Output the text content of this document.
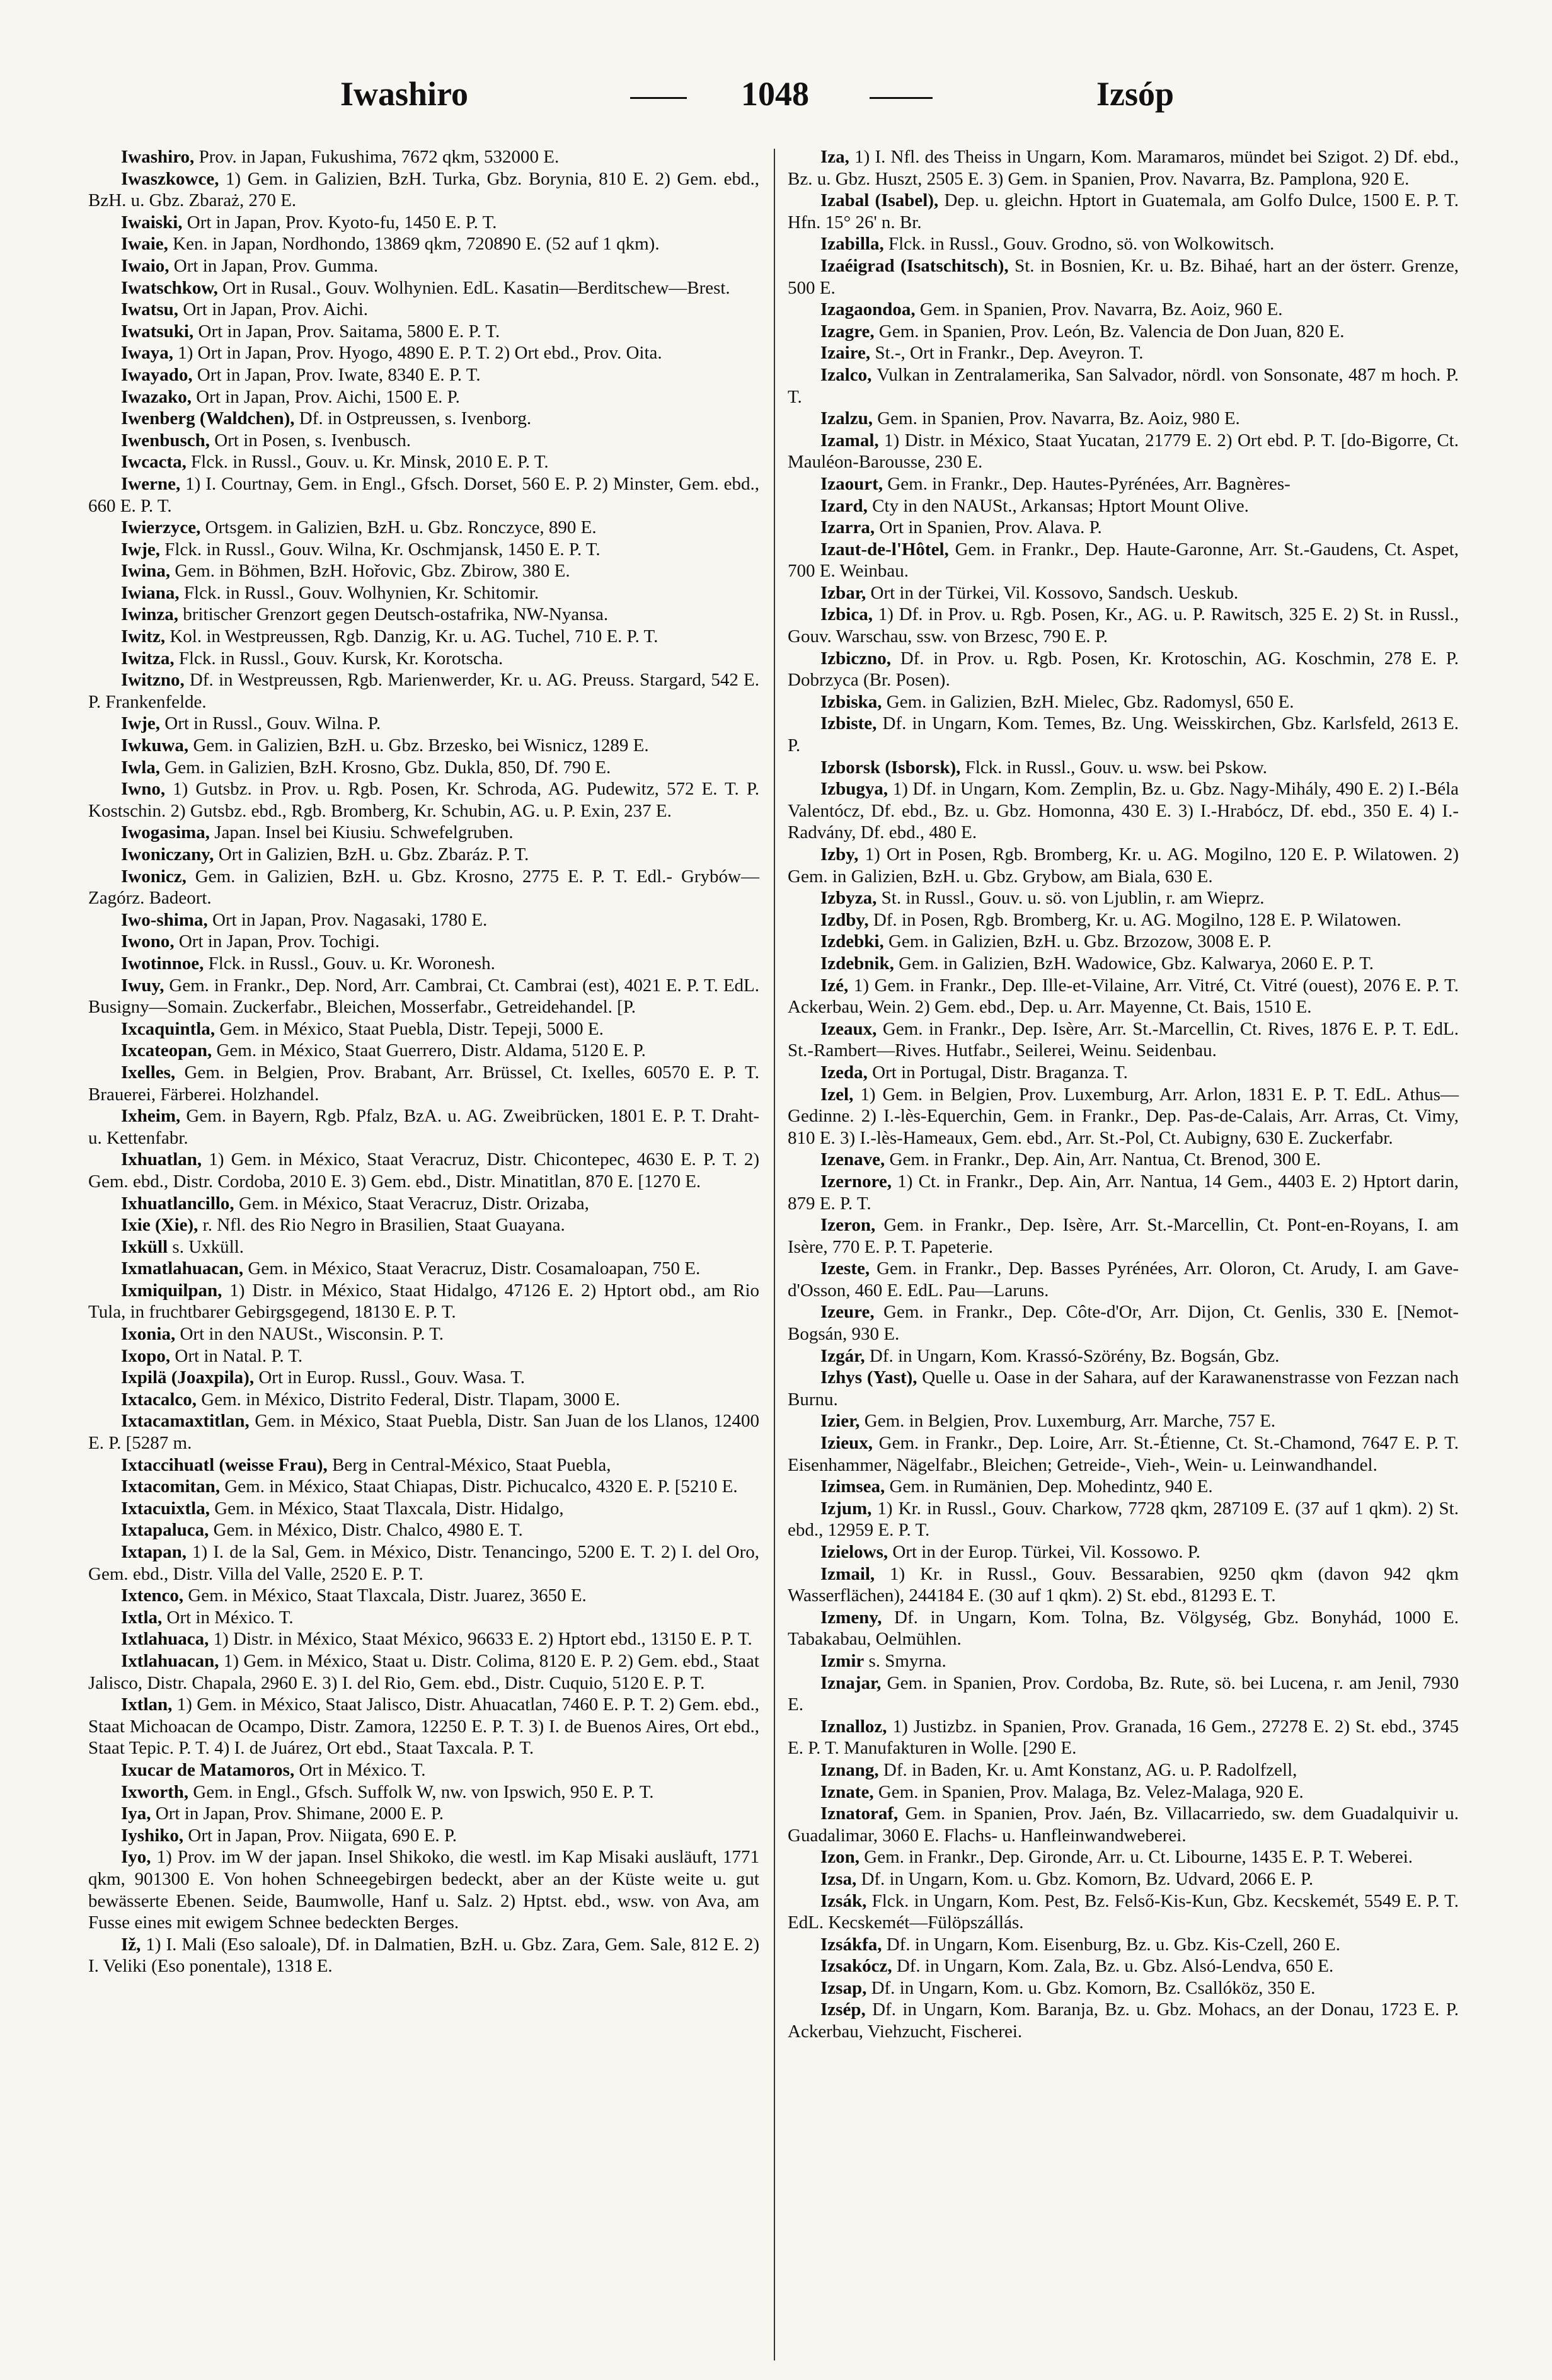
Iwashiro	1048	Izsóp

Iwashiro, Prov. in Japan, Fukushima, 7672 qkm, 532000 E.

Iwaszkowce, 1) Gem. in Galizien, BzH. Turka, Gbz. Borynia, 810 E. 2) Gem. ebd., BzH. u. Gbz. Zbaraż, 270 E.

Iwaiski, Ort in Japan, Prov. Kyoto-fu, 1450 E. P. T.

Iwaie, Ken. in Japan, Nordhondo, 13869 qkm, 720890 E. (52 auf 1 qkm).

Iwaio, Ort in Japan, Prov. Gumma.

Iwatschkow, Ort in Rusal., Gouv. Wolhynien. EdL. Kasatin—Berditschew—Brest.

Iwatsu, Ort in Japan, Prov. Aichi.

Iwatsuki, Ort in Japan, Prov. Saitama, 5800 E. P. T.

Iwaya, 1) Ort in Japan, Prov. Hyogo, 4890 E. P. T. 2) Ort ebd., Prov. Oita.

Iwayado, Ort in Japan, Prov. Iwate, 8340 E. P. T.

Iwazako, Ort in Japan, Prov. Aichi, 1500 E. P.

Iwenberg (Waldchen), Df. in Ostpreussen, s. Ivenborg.

Iwenbusch, Ort in Posen, s. Ivenbusch.

Iwcacta, Flck. in Russl., Gouv. u. Kr. Minsk, 2010 E. P. T.

Iwerne, 1) I. Courtnay, Gem. in Engl., Gfsch. Dorset, 560 E. P. 2) Minster, Gem. ebd., 660 E. P. T.

Iwierzyce, Ortsgem. in Galizien, BzH. u. Gbz. Ronczyce, 890 E.

Iwje, Flck. in Russl., Gouv. Wilna, Kr. Oschmjansk, 1450 E. P. T.

Iwina, Gem. in Böhmen, BzH. Hořovic, Gbz. Zbirow, 380 E.

Iwiana, Flck. in Russl., Gouv. Wolhynien, Kr. Schitomir.

Iwinza, britischer Grenzort gegen Deutsch-ostafrika, NW-Nyansa.

Iwitz, Kol. in Westpreussen, Rgb. Danzig, Kr. u. AG. Tuchel, 710 E. P. T.

Iwitza, Flck. in Russl., Gouv. Kursk, Kr. Korotscha.

Iwitzno, Df. in Westpreussen, Rgb. Marienwerder, Kr. u. AG. Preuss. Stargard, 542 E. P. Frankenfelde.

Iwje, Ort in Russl., Gouv. Wilna. P.

Iwkuwa, Gem. in Galizien, BzH. u. Gbz. Brzesko, bei Wisnicz, 1289 E.

Iwla, Gem. in Galizien, BzH. Krosno, Gbz. Dukla, 850, Df. 790 E.

Iwno, 1) Gutsbz. in Prov. u. Rgb. Posen, Kr. Schroda, AG. Pudewitz, 572 E. T. P. Kostschin. 2) Gutsbz. ebd., Rgb. Bromberg, Kr. Schubin, AG. u. P. Exin, 237 E.

Iwogasima, Japan. Insel bei Kiusiu. Schwefelgruben.

Iwoniczany, Ort in Galizien, BzH. u. Gbz. Zbaráz. P. T.

Iwonicz, Gem. in Galizien, BzH. u. Gbz. Krosno, 2775 E. P. T. Edl.- Grybów—Zagórz. Badeort.

Iwo-shima, Ort in Japan, Prov. Nagasaki, 1780 E.

Iwono, Ort in Japan, Prov. Tochigi.

Iwotinnoe, Flck. in Russl., Gouv. u. Kr. Woronesh.

Iwuy, Gem. in Frankr., Dep. Nord, Arr. Cambrai, Ct. Cambrai (est), 4021 E. P. T. EdL. Busigny—Somain. Zuckerfabr., Bleichen, Mosserfabr., Getreidehandel. [P.

Ixcaquintla, Gem. in México, Staat Puebla, Distr. Tepeji, 5000 E.

Ixcateopan, Gem. in México, Staat Guerrero, Distr. Aldama, 5120 E. P.

Ixelles, Gem. in Belgien, Prov. Brabant, Arr. Brüssel, Ct. Ixelles, 60570 E. P. T. Brauerei, Färberei. Holzhandel.

Ixheim, Gem. in Bayern, Rgb. Pfalz, BzA. u. AG. Zweibrücken, 1801 E. P. T. Draht- u. Kettenfabr.

Ixhuatlan, 1) Gem. in México, Staat Veracruz, Distr. Chicontepec, 4630 E. P. T. 2) Gem. ebd., Distr. Cordoba, 2010 E. 3) Gem. ebd., Distr. Minatitlan, 870 E. [1270 E.

Ixhuatlancillo, Gem. in México, Staat Veracruz, Distr. Orizaba,

Ixie (Xie), r. Nfl. des Rio Negro in Brasilien, Staat Guayana.

Ixküll s. Uxküll.

Ixmatlahuacan, Gem. in México, Staat Veracruz, Distr. Cosamaloapan, 750 E.

Ixmiquilpan, 1) Distr. in México, Staat Hidalgo, 47126 E. 2) Hptort obd., am Rio Tula, in fruchtbarer Gebirgsgegend, 18130 E. P. T.

Ixonia, Ort in den NAUSt., Wisconsin. P. T.

Ixopo, Ort in Natal. P. T.

Ixpilä (Joaxpila), Ort in Europ. Russl., Gouv. Wasa. T.

Ixtacalco, Gem. in México, Distrito Federal, Distr. Tlapam, 3000 E.

Ixtacamaxtitlan, Gem. in México, Staat Puebla, Distr. San Juan de los Llanos, 12400 E. P. [5287 m.

Ixtaccihuatl (weisse Frau), Berg in Central-México, Staat Puebla,

Ixtacomitan, Gem. in México, Staat Chiapas, Distr. Pichucalco, 4320 E. P. [5210 E.

Ixtacuixtla, Gem. in México, Staat Tlaxcala, Distr. Hidalgo,

Ixtapaluca, Gem. in México, Distr. Chalco, 4980 E. T.

Ixtapan, 1) I. de la Sal, Gem. in México, Distr. Tenancingo, 5200 E. T. 2) I. del Oro, Gem. ebd., Distr. Villa del Valle, 2520 E. P. T.

Ixtenco, Gem. in México, Staat Tlaxcala, Distr. Juarez, 3650 E.

Ixtla, Ort in México. T.

Ixtlahuaca, 1) Distr. in México, Staat México, 96633 E. 2) Hptort ebd., 13150 E. P. T.

Ixtlahuacan, 1) Gem. in México, Staat u. Distr. Colima, 8120 E. P. 2) Gem. ebd., Staat Jalisco, Distr. Chapala, 2960 E. 3) I. del Rio, Gem. ebd., Distr. Cuquio, 5120 E. P. T.

Ixtlan, 1) Gem. in México, Staat Jalisco, Distr. Ahuacatlan, 7460 E. P. T. 2) Gem. ebd., Staat Michoacan de Ocampo, Distr. Zamora, 12250 E. P. T. 3) I. de Buenos Aires, Ort ebd., Staat Tepic. P. T. 4) I. de Juárez, Ort ebd., Staat Taxcala. P. T.

Ixucar de Matamoros, Ort in México. T.

Ixworth, Gem. in Engl., Gfsch. Suffolk W, nw. von Ipswich, 950 E. P. T.

Iya, Ort in Japan, Prov. Shimane, 2000 E. P.

Iyshiko, Ort in Japan, Prov. Niigata, 690 E. P.

Iyo, 1) Prov. im W der japan. Insel Shikoko, die westl. im Kap Misaki ausläuft, 1771 qkm, 901300 E. Von hohen Schneegebirgen bedeckt, aber an der Küste weite u. gut bewässerte Ebenen. Seide, Baumwolle, Hanf u. Salz. 2) Hptst. ebd., wsw. von Ava, am Fusse eines mit ewigem Schnee bedeckten Berges.

Iž, 1) I. Mali (Eso saloale), Df. in Dalmatien, BzH. u. Gbz. Zara, Gem. Sale, 812 E. 2) I. Veliki (Eso ponentale), 1318 E.

Iza, 1) I. Nfl. des Theiss in Ungarn, Kom. Maramaros, mündet bei Szigot. 2) Df. ebd., Bz. u. Gbz. Huszt, 2505 E. 3) Gem. in Spanien, Prov. Navarra, Bz. Pamplona, 920 E.

Izabal (Isabel), Dep. u. gleichn. Hptort in Guatemala, am Golfo Dulce, 1500 E. P. T. Hfn. 15° 26' n. Br.

Izabilla, Flck. in Russl., Gouv. Grodno, sö. von Wolkowitsch.

Izaéigrad (Isatschitsch), St. in Bosnien, Kr. u. Bz. Bihaé, hart an der österr. Grenze, 500 E.

Izagaondoa, Gem. in Spanien, Prov. Navarra, Bz. Aoiz, 960 E.

Izagre, Gem. in Spanien, Prov. León, Bz. Valencia de Don Juan, 820 E.

Izaire, St.-, Ort in Frankr., Dep. Aveyron. T.

Izalco, Vulkan in Zentralamerika, San Salvador, nördl. von Sonsonate, 487 m hoch. P. T.

Izalzu, Gem. in Spanien, Prov. Navarra, Bz. Aoiz, 980 E.

Izamal, 1) Distr. in México, Staat Yucatan, 21779 E. 2) Ort ebd. P. T. [do-Bigorre, Ct. Mauléon-Barousse, 230 E.

Izaourt, Gem. in Frankr., Dep. Hautes-Pyrénées, Arr. Bagnères-

Izard, Cty in den NAUSt., Arkansas; Hptort Mount Olive.

Izarra, Ort in Spanien, Prov. Alava. P.

Izaut-de-l'Hôtel, Gem. in Frankr., Dep. Haute-Garonne, Arr. St.-Gaudens, Ct. Aspet, 700 E. Weinbau.

Izbar, Ort in der Türkei, Vil. Kossovo, Sandsch. Ueskub.

Izbica, 1) Df. in Prov. u. Rgb. Posen, Kr., AG. u. P. Rawitsch, 325 E. 2) St. in Russl., Gouv. Warschau, ssw. von Brzesc, 790 E. P.

Izbiczno, Df. in Prov. u. Rgb. Posen, Kr. Krotoschin, AG. Koschmin, 278 E. P. Dobrzyca (Br. Posen).

Izbiska, Gem. in Galizien, BzH. Mielec, Gbz. Radomysl, 650 E.

Izbiste, Df. in Ungarn, Kom. Temes, Bz. Ung. Weisskirchen, Gbz. Karlsfeld, 2613 E. P.

Izborsk (Isborsk), Flck. in Russl., Gouv. u. wsw. bei Pskow.

Izbugya, 1) Df. in Ungarn, Kom. Zemplin, Bz. u. Gbz. Nagy-Mihály, 490 E. 2) I.-Béla Valentócz, Df. ebd., Bz. u. Gbz. Homonna, 430 E. 3) I.-Hrabócz, Df. ebd., 350 E. 4) I.-Radvány, Df. ebd., 480 E.

Izby, 1) Ort in Posen, Rgb. Bromberg, Kr. u. AG. Mogilno, 120 E. P. Wilatowen. 2) Gem. in Galizien, BzH. u. Gbz. Grybow, am Biala, 630 E.

Izbyza, St. in Russl., Gouv. u. sö. von Ljublin, r. am Wieprz.

Izdby, Df. in Posen, Rgb. Bromberg, Kr. u. AG. Mogilno, 128 E. P. Wilatowen.

Izdebki, Gem. in Galizien, BzH. u. Gbz. Brzozow, 3008 E. P.

Izdebnik, Gem. in Galizien, BzH. Wadowice, Gbz. Kalwarya, 2060 E. P. T.

Izé, 1) Gem. in Frankr., Dep. Ille-et-Vilaine, Arr. Vitré, Ct. Vitré (ouest), 2076 E. P. T. Ackerbau, Wein. 2) Gem. ebd., Dep. u. Arr. Mayenne, Ct. Bais, 1510 E.

Izeaux, Gem. in Frankr., Dep. Isère, Arr. St.-Marcellin, Ct. Rives, 1876 E. P. T. EdL. St.-Rambert—Rives. Hutfabr., Seilerei, Weinu. Seidenbau.

Izeda, Ort in Portugal, Distr. Braganza. T.

Izel, 1) Gem. in Belgien, Prov. Luxemburg, Arr. Arlon, 1831 E. P. T. EdL. Athus—Gedinne. 2) I.-lès-Equerchin, Gem. in Frankr., Dep. Pas-de-Calais, Arr. Arras, Ct. Vimy, 810 E. 3) I.-lès-Hameaux, Gem. ebd., Arr. St.-Pol, Ct. Aubigny, 630 E. Zuckerfabr.

Izenave, Gem. in Frankr., Dep. Ain, Arr. Nantua, Ct. Brenod, 300 E.

Izernore, 1) Ct. in Frankr., Dep. Ain, Arr. Nantua, 14 Gem., 4403 E. 2) Hptort darin, 879 E. P. T.

Izeron, Gem. in Frankr., Dep. Isère, Arr. St.-Marcellin, Ct. Pont-en-Royans, I. am Isère, 770 E. P. T. Papeterie.

Izeste, Gem. in Frankr., Dep. Basses Pyrénées, Arr. Oloron, Ct. Arudy, I. am Gave-d'Osson, 460 E. EdL. Pau—Laruns.

Izeure, Gem. in Frankr., Dep. Côte-d'Or, Arr. Dijon, Ct. Genlis, 330 E. [Nemot-Bogsán, 930 E.

Izgár, Df. in Ungarn, Kom. Krassó-Szörény, Bz. Bogsán, Gbz.

Izhys (Yast), Quelle u. Oase in der Sahara, auf der Karawanenstrasse von Fezzan nach Burnu.

Izier, Gem. in Belgien, Prov. Luxemburg, Arr. Marche, 757 E.

Izieux, Gem. in Frankr., Dep. Loire, Arr. St.-Étienne, Ct. St.-Chamond, 7647 E. P. T. Eisenhammer, Nägelfabr., Bleichen; Getreide-, Vieh-, Wein- u. Leinwandhandel.

Izimsea, Gem. in Rumänien, Dep. Mohedintz, 940 E.

Izjum, 1) Kr. in Russl., Gouv. Charkow, 7728 qkm, 287109 E. (37 auf 1 qkm). 2) St. ebd., 12959 E. P. T.

Izielows, Ort in der Europ. Türkei, Vil. Kossowo. P.

Izmail, 1) Kr. in Russl., Gouv. Bessarabien, 9250 qkm (davon 942 qkm Wasserflächen), 244184 E. (30 auf 1 qkm). 2) St. ebd., 81293 E. T.

Izmeny, Df. in Ungarn, Kom. Tolna, Bz. Völgység, Gbz. Bonyhád, 1000 E. Tabakabau, Oelmühlen.

Izmir s. Smyrna.

Iznajar, Gem. in Spanien, Prov. Cordoba, Bz. Rute, sö. bei Lucena, r. am Jenil, 7930 E.

Iznalloz, 1) Justizbz. in Spanien, Prov. Granada, 16 Gem., 27278 E. 2) St. ebd., 3745 E. P. T. Manufakturen in Wolle. [290 E.

Iznang, Df. in Baden, Kr. u. Amt Konstanz, AG. u. P. Radolfzell,

Iznate, Gem. in Spanien, Prov. Malaga, Bz. Velez-Malaga, 920 E.

Iznatoraf, Gem. in Spanien, Prov. Jaén, Bz. Villacarriedo, sw. dem Guadalquivir u. Guadalimar, 3060 E. Flachs- u. Hanfleinwandweberei.

Izon, Gem. in Frankr., Dep. Gironde, Arr. u. Ct. Libourne, 1435 E. P. T. Weberei.

Izsa, Df. in Ungarn, Kom. u. Gbz. Komorn, Bz. Udvard, 2066 E. P.

Izsák, Flck. in Ungarn, Kom. Pest, Bz. Felső-Kis-Kun, Gbz. Kecskemét, 5549 E. P. T. EdL. Kecskemét—Fülöpszállás.

Izsákfa, Df. in Ungarn, Kom. Eisenburg, Bz. u. Gbz. Kis-Czell, 260 E.

Izsakócz, Df. in Ungarn, Kom. Zala, Bz. u. Gbz. Alsó-Lendva, 650 E.

Izsap, Df. in Ungarn, Kom. u. Gbz. Komorn, Bz. Csallóköz, 350 E.

Izsép, Df. in Ungarn, Kom. Baranja, Bz. u. Gbz. Mohacs, an der Donau, 1723 E. P. Ackerbau, Viehzucht, Fischerei.
